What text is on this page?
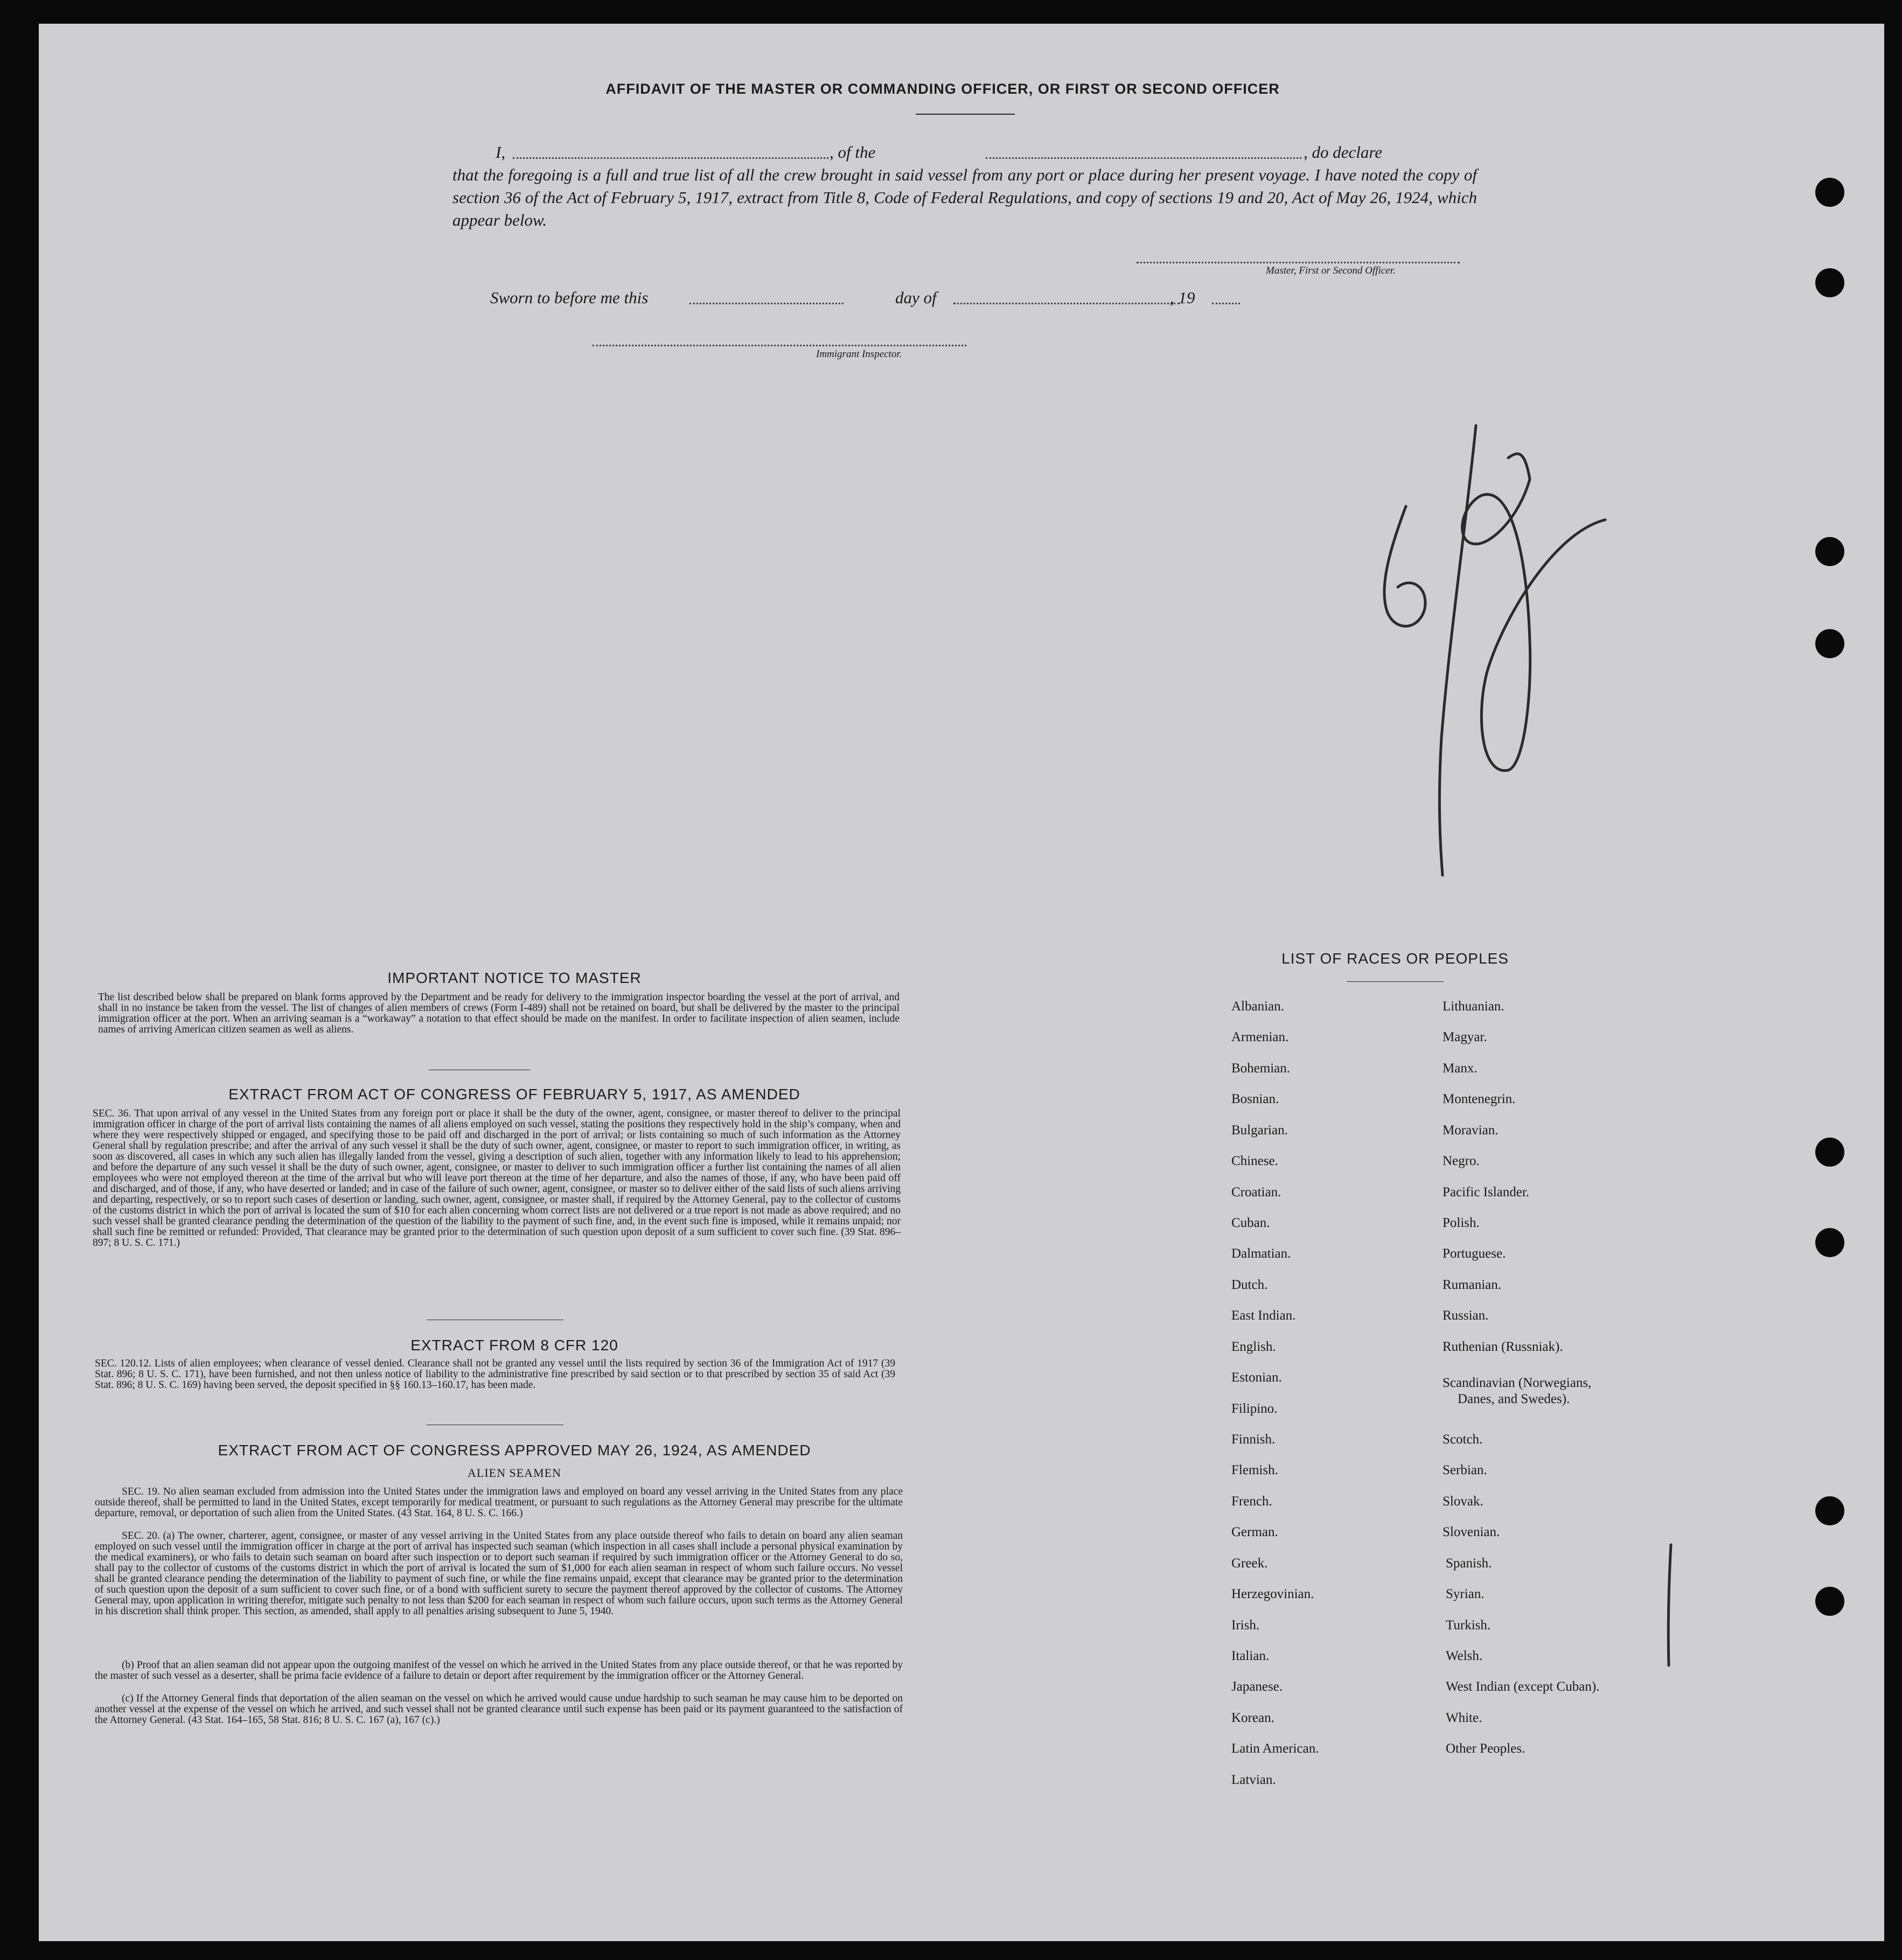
AFFIDAVIT OF THE MASTER OR COMMANDING OFFICER, OR FIRST OR SECOND OFFICER
I,	, of the	, do declare
that the foregoing is a full and true list of all the crew brought in said vessel from any port or place during her present voyage. I have noted the copy of section 36 of the Act of February 5, 1917, extract from Title 8, Code of Federal Regulations, and copy of sections 19 and 20, Act of May 26, 1924, which appear below.
Master, First or Second Officer.
Sworn to before me this	day of	, 19
Immigrant Inspector.
IMPORTANT NOTICE TO MASTER
The list described below shall be prepared on blank forms approved by the Department and be ready for delivery to the immigration inspector boarding the vessel at the port of arrival, and shall in no instance be taken from the vessel. The list of changes of alien members of crews (Form I-489) shall not be retained on board, but shall be delivered by the master to the principal immigration officer at the port. When an arriving seaman is a “workaway” a notation to that effect should be made on the manifest. In order to facilitate inspection of alien seamen, include names of arriving American citizen seamen as well as aliens.
EXTRACT FROM ACT OF CONGRESS OF FEBRUARY 5, 1917, AS AMENDED
SEC. 36. That upon arrival of any vessel in the United States from any foreign port or place it shall be the duty of the owner, agent, consignee, or master thereof to deliver to the principal immigration officer in charge of the port of arrival lists containing the names of all aliens employed on such vessel, stating the positions they respectively hold in the ship’s company, when and where they were respectively shipped or engaged, and specifying those to be paid off and discharged in the port of arrival; or lists containing so much of such information as the Attorney General shall by regulation prescribe; and after the arrival of any such vessel it shall be the duty of such owner, agent, consignee, or master to report to such immigration officer, in writing, as soon as discovered, all cases in which any such alien has illegally landed from the vessel, giving a description of such alien, together with any information likely to lead to his apprehension; and before the departure of any such vessel it shall be the duty of such owner, agent, consignee, or master to deliver to such immigration officer a further list containing the names of all alien employees who were not employed thereon at the time of the arrival but who will leave port thereon at the time of her departure, and also the names of those, if any, who have been paid off and discharged, and of those, if any, who have deserted or landed; and in case of the failure of such owner, agent, consignee, or master so to deliver either of the said lists of such aliens arriving and departing, respectively, or so to report such cases of desertion or landing, such owner, agent, consignee, or master shall, if required by the Attorney General, pay to the collector of customs of the customs district in which the port of arrival is located the sum of $10 for each alien concerning whom correct lists are not delivered or a true report is not made as above required; and no such vessel shall be granted clearance pending the determination of the question of the liability to the payment of such fine, and, in the event such fine is imposed, while it remains unpaid; nor shall such fine be remitted or refunded: Provided, That clearance may be granted prior to the determination of such question upon deposit of a sum sufficient to cover such fine. (39 Stat. 896–897; 8 U. S. C. 171.)
EXTRACT FROM 8 CFR 120
SEC. 120.12. Lists of alien employees; when clearance of vessel denied. Clearance shall not be granted any vessel until the lists required by section 36 of the Immigration Act of 1917 (39 Stat. 896; 8 U. S. C. 171), have been furnished, and not then unless notice of liability to the administrative fine prescribed by said section or to that prescribed by section 35 of said Act (39 Stat. 896; 8 U. S. C. 169) having been served, the deposit specified in §§ 160.13–160.17, has been made.
EXTRACT FROM ACT OF CONGRESS APPROVED MAY 26, 1924, AS AMENDED
ALIEN SEAMEN
SEC. 19. No alien seaman excluded from admission into the United States under the immigration laws and employed on board any vessel arriving in the United States from any place outside thereof, shall be permitted to land in the United States, except temporarily for medical treatment, or pursuant to such regulations as the Attorney General may prescribe for the ultimate departure, removal, or deportation of such alien from the United States. (43 Stat. 164, 8 U. S. C. 166.)
SEC. 20. (a) The owner, charterer, agent, consignee, or master of any vessel arriving in the United States from any place outside thereof who fails to detain on board any alien seaman employed on such vessel until the immigration officer in charge at the port of arrival has inspected such seaman (which inspection in all cases shall include a personal physical examination by the medical examiners), or who fails to detain such seaman on board after such inspection or to deport such seaman if required by such immigration officer or the Attorney General to do so, shall pay to the collector of customs of the customs district in which the port of arrival is located the sum of $1,000 for each alien seaman in respect of whom such failure occurs. No vessel shall be granted clearance pending the determination of the liability to payment of such fine, or while the fine remains unpaid, except that clearance may be granted prior to the determination of such question upon the deposit of a sum sufficient to cover such fine, or of a bond with sufficient surety to secure the payment thereof approved by the collector of customs. The Attorney General may, upon application in writing therefor, mitigate such penalty to not less than $200 for each seaman in respect of whom such failure occurs, upon such terms as the Attorney General in his discretion shall think proper. This section, as amended, shall apply to all penalties arising subsequent to June 5, 1940.
(b) Proof that an alien seaman did not appear upon the outgoing manifest of the vessel on which he arrived in the United States from any place outside thereof, or that he was reported by the master of such vessel as a deserter, shall be prima facie evidence of a failure to detain or deport after requirement by the immigration officer or the Attorney General.
(c) If the Attorney General finds that deportation of the alien seaman on the vessel on which he arrived would cause undue hardship to such seaman he may cause him to be deported on another vessel at the expense of the vessel on which he arrived, and such vessel shall not be granted clearance until such expense has been paid or its payment guaranteed to the satisfaction of the Attorney General. (43 Stat. 164–165, 58 Stat. 816; 8 U. S. C. 167 (a), 167 (c).)
LIST OF RACES OR PEOPLES
Albanian.
Armenian.
Bohemian.
Bosnian.
Bulgarian.
Chinese.
Croatian.
Cuban.
Dalmatian.
Dutch.
East Indian.
English.
Estonian.
Filipino.
Finnish.
Flemish.
French.
German.
Greek.
Herzegovinian.
Irish.
Italian.
Japanese.
Korean.
Latin American.
Latvian.
Lithuanian.
Magyar.
Manx.
Montenegrin.
Moravian.
Negro.
Pacific Islander.
Polish.
Portuguese.
Rumanian.
Russian.
Ruthenian (Russniak).
Scandinavian (Norwegians,
Danes, and Swedes).
Scotch.
Serbian.
Slovak.
Slovenian.
Spanish.
Syrian.
Turkish.
Welsh.
West Indian (except Cuban).
White.
Other Peoples.
